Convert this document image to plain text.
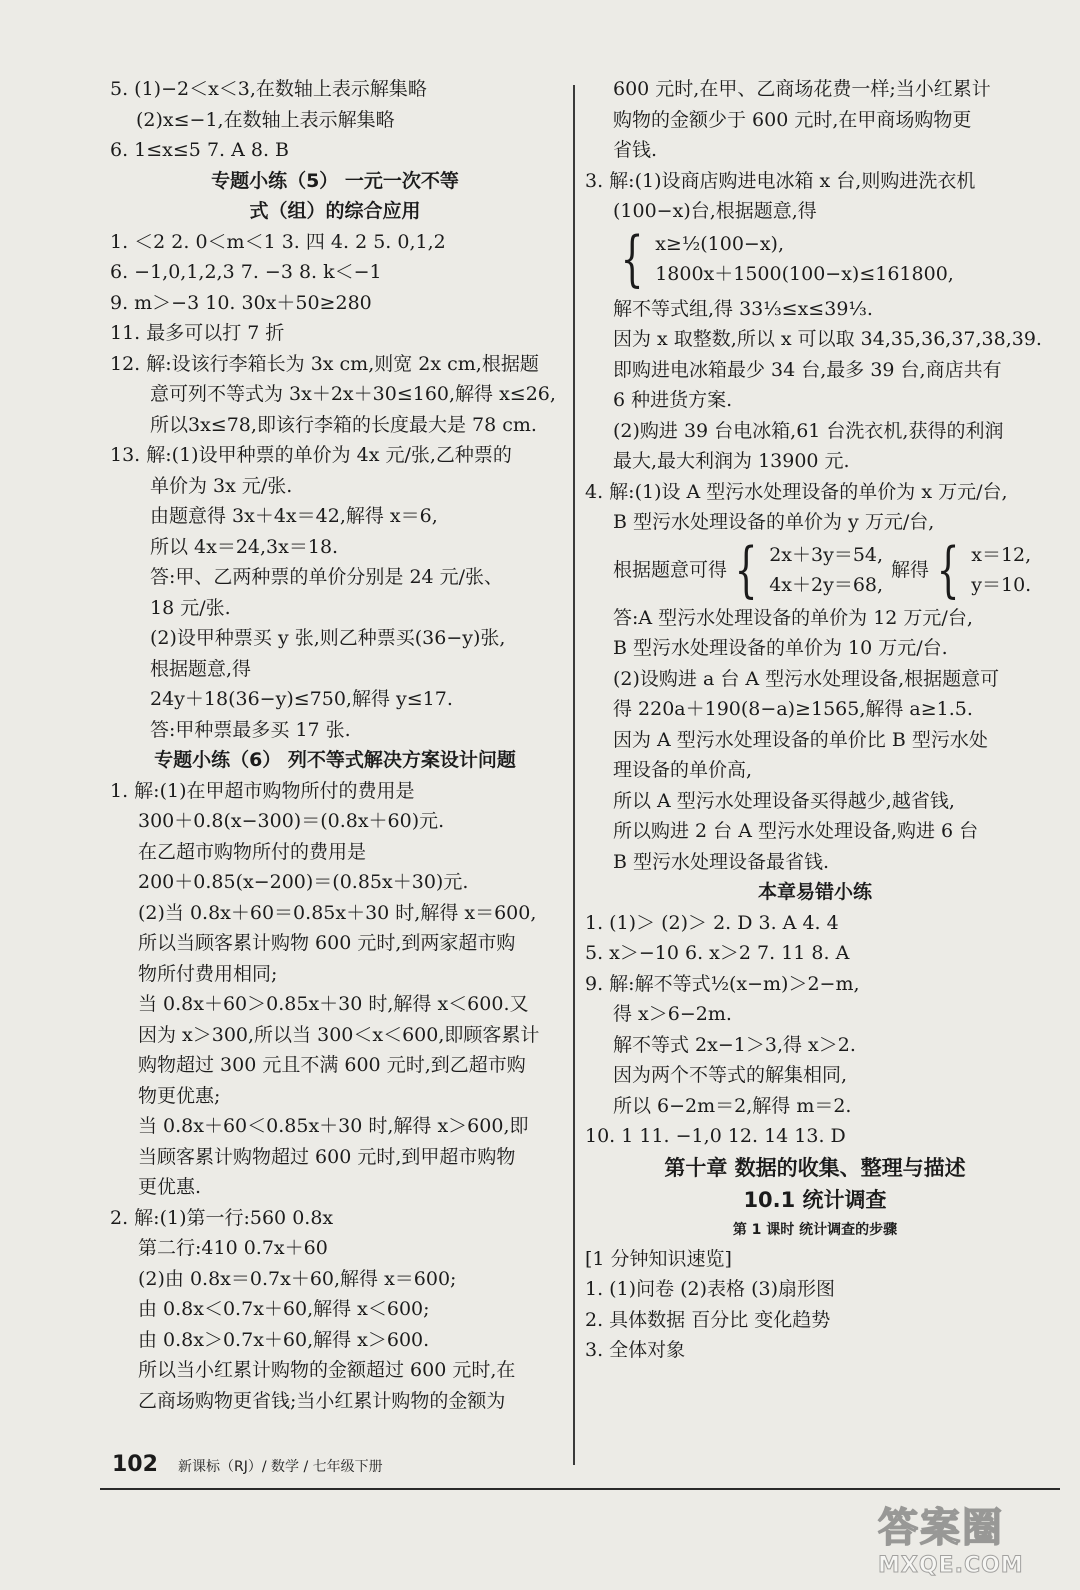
5. (1)−2＜x＜3,在数轴上表示解集略
(2)x≤−1,在数轴上表示解集略
6. 1≤x≤5 7. A 8. B
专题小练（5） 一元一次不等
式（组）的综合应用
1. ＜2 2. 0＜m＜1 3. 四 4. 2 5. 0,1,2
6. −1,0,1,2,3 7. −3 8. k＜−1
9. m＞−3 10. 30x＋50≥280
11. 最多可以打 7 折
12. 解:设该行李箱长为 3x cm,则宽 2x cm,根据题
意可列不等式为 3x＋2x＋30≤160,解得 x≤26,
所以3x≤78,即该行李箱的长度最大是 78 cm.
13. 解:(1)设甲种票的单价为 4x 元/张,乙种票的
单价为 3x 元/张.
由题意得 3x＋4x＝42,解得 x＝6,
所以 4x＝24,3x＝18.
答:甲、乙两种票的单价分别是 24 元/张、
18 元/张.
(2)设甲种票买 y 张,则乙种票买(36−y)张,
根据题意,得
24y＋18(36−y)≤750,解得 y≤17.
答:甲种票最多买 17 张.
专题小练（6） 列不等式解决方案设计问题
1. 解:(1)在甲超市购物所付的费用是
300＋0.8(x−300)＝(0.8x＋60)元.
在乙超市购物所付的费用是
200＋0.85(x−200)＝(0.85x＋30)元.
(2)当 0.8x＋60＝0.85x＋30 时,解得 x＝600,
所以当顾客累计购物 600 元时,到两家超市购
物所付费用相同;
当 0.8x＋60＞0.85x＋30 时,解得 x＜600.又
因为 x＞300,所以当 300＜x＜600,即顾客累计
购物超过 300 元且不满 600 元时,到乙超市购
物更优惠;
当 0.8x＋60＜0.85x＋30 时,解得 x＞600,即
当顾客累计购物超过 600 元时,到甲超市购物
更优惠.
2. 解:(1)第一行:560 0.8x
第二行:410 0.7x＋60
(2)由 0.8x＝0.7x＋60,解得 x＝600;
由 0.8x＜0.7x＋60,解得 x＜600;
由 0.8x＞0.7x＋60,解得 x＞600.
所以当小红累计购物的金额超过 600 元时,在
乙商场购物更省钱;当小红累计购物的金额为
600 元时,在甲、乙商场花费一样;当小红累计
购物的金额少于 600 元时,在甲商场购物更
省钱.
3. 解:(1)设商店购进电冰箱 x 台,则购进洗衣机
(100−x)台,根据题意,得
{ x≥½(100−x),
1800x＋1500(100−x)≤161800,
解不等式组,得 33⅓≤x≤39⅓.
因为 x 取整数,所以 x 可以取 34,35,36,37,38,39.
即购进电冰箱最少 34 台,最多 39 台,商店共有
6 种进货方案.
(2)购进 39 台电冰箱,61 台洗衣机,获得的利润
最大,最大利润为 13900 元.
4. 解:(1)设 A 型污水处理设备的单价为 x 万元/台,
B 型污水处理设备的单价为 y 万元/台,
根据题意可得 { 2x＋3y＝54,
4x＋2y＝68,
解得 { x＝12,
y＝10.
答:A 型污水处理设备的单价为 12 万元/台,
B 型污水处理设备的单价为 10 万元/台.
(2)设购进 a 台 A 型污水处理设备,根据题意可
得 220a＋190(8−a)≥1565,解得 a≥1.5.
因为 A 型污水处理设备的单价比 B 型污水处
理设备的单价高,
所以 A 型污水处理设备买得越少,越省钱,
所以购进 2 台 A 型污水处理设备,购进 6 台
B 型污水处理设备最省钱.
本章易错小练
1. (1)＞ (2)＞ 2. D 3. A 4. 4
5. x＞−10 6. x＞2 7. 11 8. A
9. 解:解不等式½(x−m)＞2−m,
得 x＞6−2m.
解不等式 2x−1＞3,得 x＞2.
因为两个不等式的解集相同,
所以 6−2m＝2,解得 m＝2.
10. 1 11. −1,0 12. 14 13. D
第十章 数据的收集、整理与描述
10.1 统计调查
第 1 课时 统计调查的步骤
[1 分钟知识速览]
1. (1)问卷 (2)表格 (3)扇形图
2. 具体数据 百分比 变化趋势
3. 全体对象
102 新课标（RJ）/ 数学 / 七年级下册
答案圈
MXQE.COM
